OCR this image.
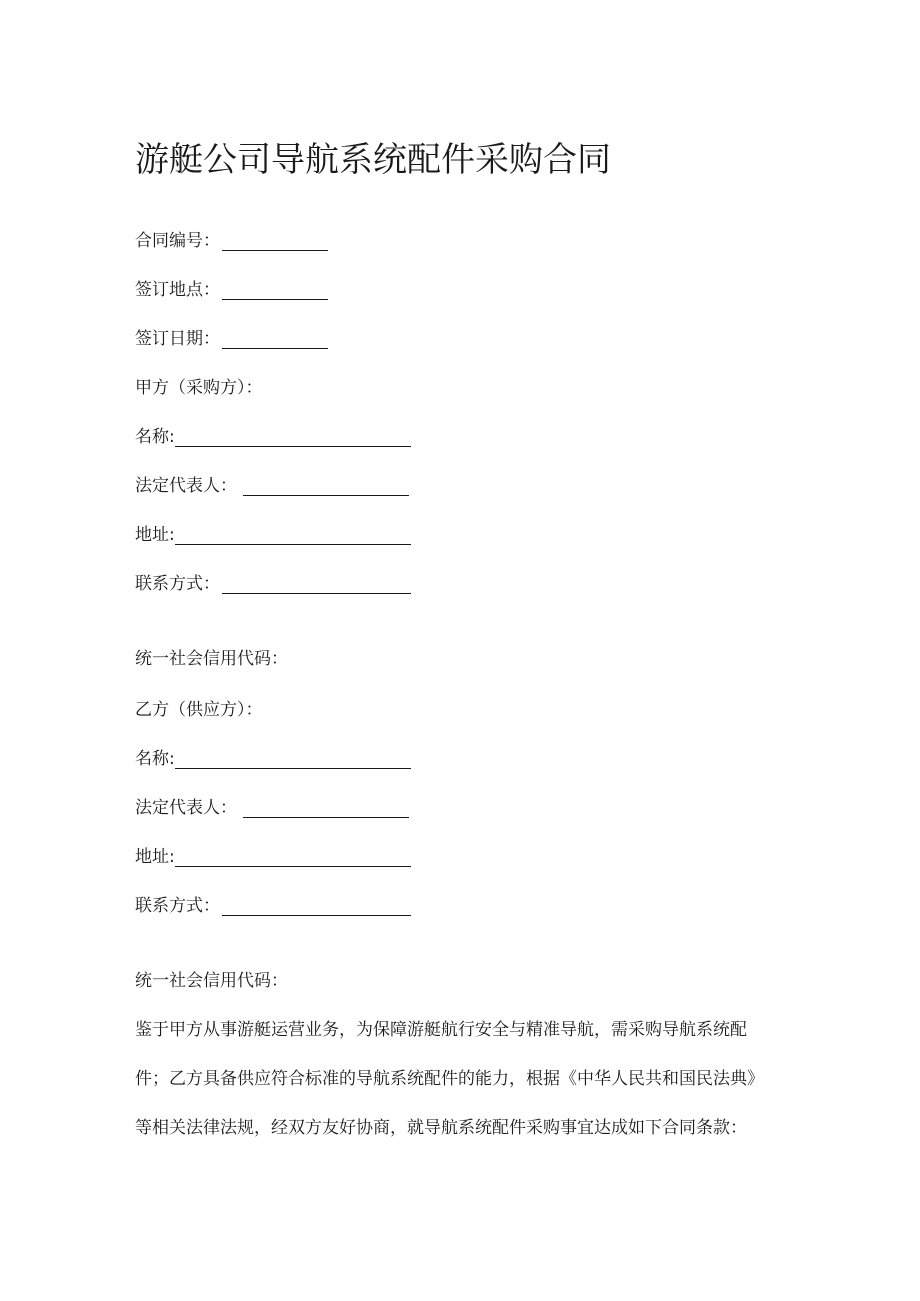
游艇公司导航系统配件采购合同
合同编号：
签订地点：
签订日期：
甲方（采购方）：
名称:
法定代表人：
地址:
联系方式：
统一社会信用代码：
乙方（供应方）：
名称:
法定代表人：
地址:
联系方式：
统一社会信用代码：
鉴于甲方从事游艇运营业务，为保障游艇航行安全与精准导航，需采购导航系统配
件；乙方具备供应符合标准的导航系统配件的能力，根据《中华人民共和国民法典》
等相关法律法规，经双方友好协商，就导航系统配件采购事宜达成如下合同条款：
